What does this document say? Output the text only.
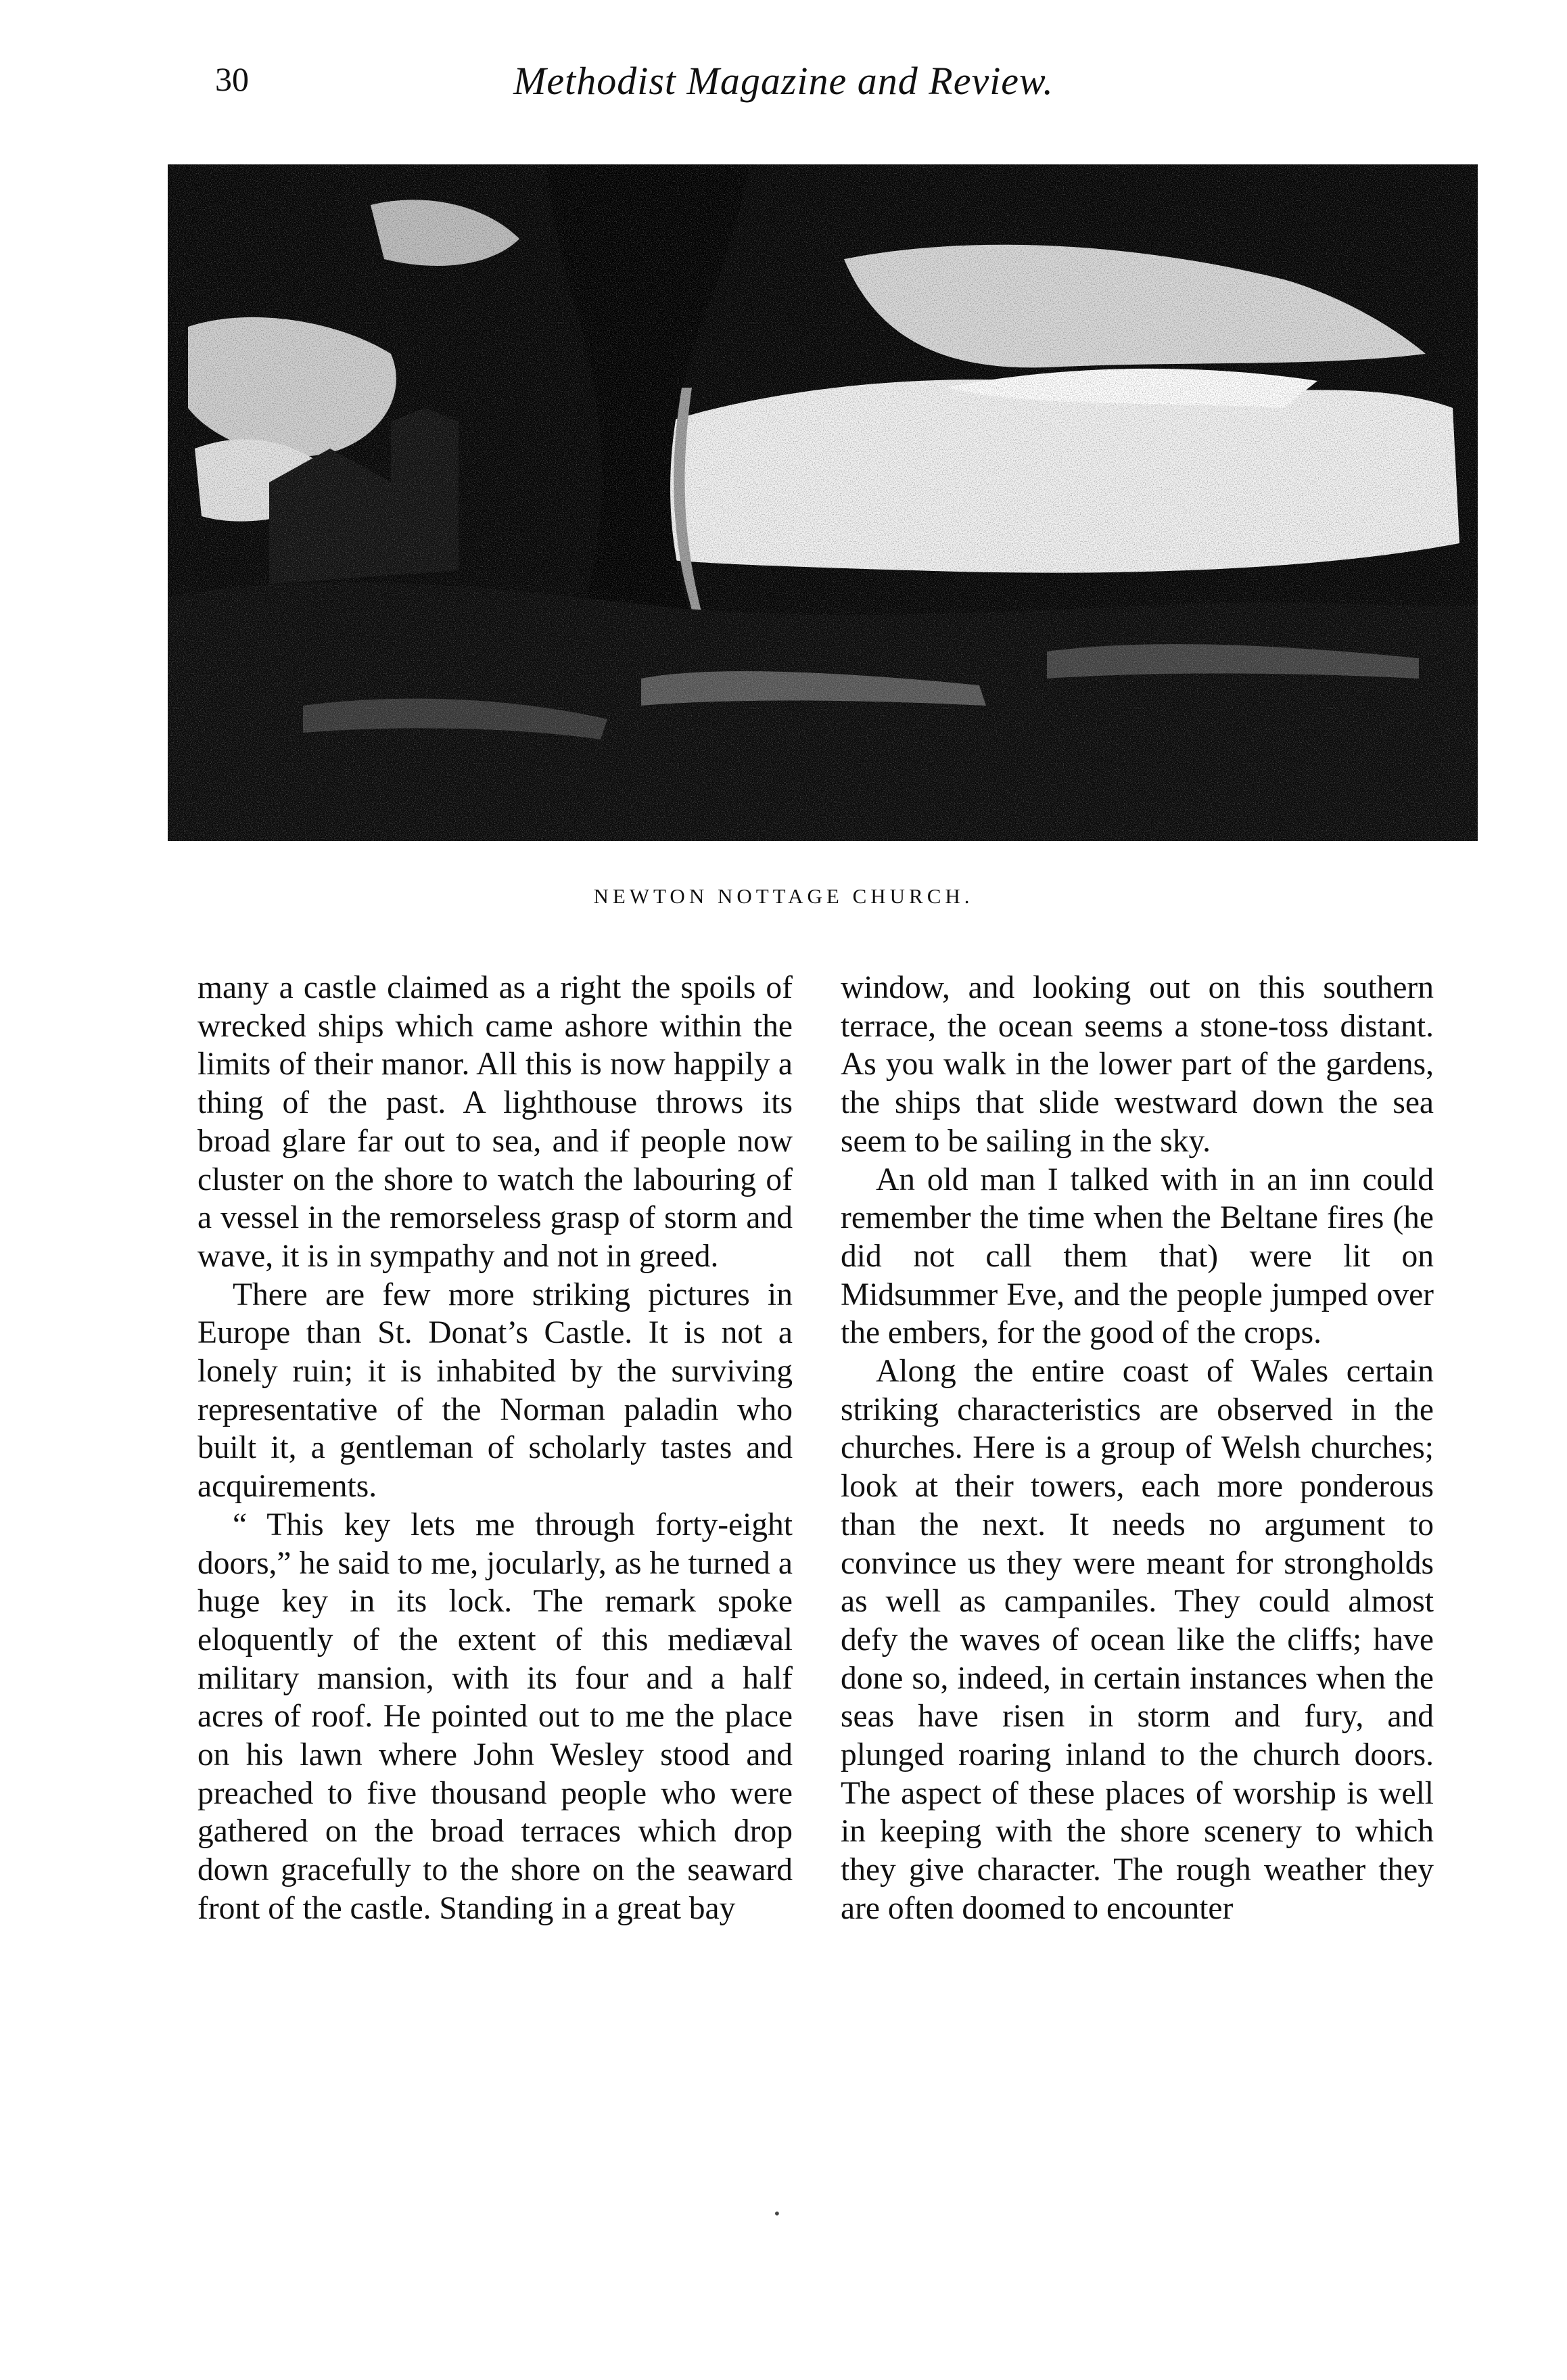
30	Methodist Magazine and Review.
NEWTON NOTTAGE CHURCH.

many a castle claimed as a right the spoils of wrecked ships which came ashore within the limits of their manor. All this is now happily a thing of the past. A lighthouse throws its broad glare far out to sea, and if people now cluster on the shore to watch the labouring of a vessel in the remorseless grasp of storm and wave, it is in sympathy and not in greed.

There are few more striking pictures in Europe than St. Donat’s Castle. It is not a lonely ruin; it is inhabited by the surviving representative of the Norman paladin who built it, a gentleman of scholarly tastes and acquirements.

“ This key lets me through forty-eight doors,” he said to me, jocularly, as he turned a huge key in its lock. The remark spoke eloquently of the extent of this mediæval military mansion, with its four and a half acres of roof. He pointed out to me the place on his lawn where John Wesley stood and preached to five thousand people who were gathered on the broad terraces which drop down gracefully to the shore on the seaward front of the castle. Standing in a great bay

window, and looking out on this southern terrace, the ocean seems a stone-toss distant. As you walk in the lower part of the gardens, the ships that slide westward down the sea seem to be sailing in the sky.

An old man I talked with in an inn could remember the time when the Beltane fires (he did not call them that) were lit on Midsummer Eve, and the people jumped over the embers, for the good of the crops.

Along the entire coast of Wales certain striking characteristics are observed in the churches. Here is a group of Welsh churches; look at their towers, each more ponderous than the next. It needs no argument to convince us they were meant for strongholds as well as campaniles. They could almost defy the waves of ocean like the cliffs; have done so, indeed, in certain instances when the seas have risen in storm and fury, and plunged roaring inland to the church doors. The aspect of these places of worship is well in keeping with the shore scenery to which they give character. The rough weather they are often doomed to encounter

•
